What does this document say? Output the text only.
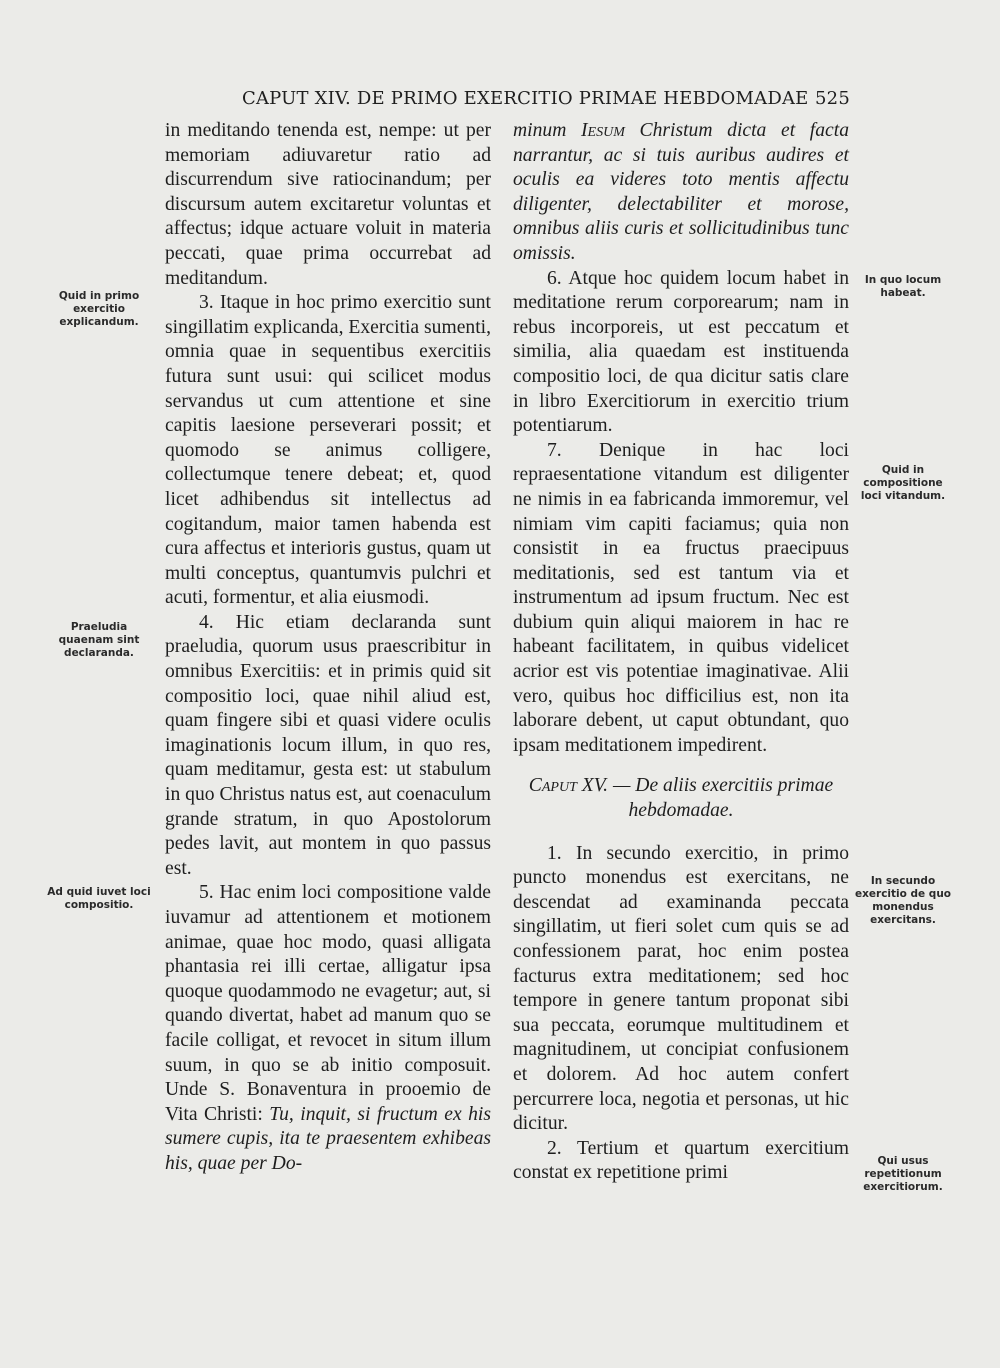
CAPUT XIV. DE PRIMO EXERCITIO PRIMAE HEBDOMADAE 525

in meditando tenenda est, nempe: ut per memoriam adiuvaretur ratio ad discurrendum sive ratiocinandum; per discursum autem excitaretur voluntas et affectus; idque actuare voluit in materia peccati, quae prima occurrebat ad meditandum.

3. Itaque in hoc primo exercitio sunt singillatim explicanda, Exercitia sumenti, omnia quae in sequentibus exercitiis futura sunt usui: qui scilicet modus servandus ut cum attentione et sine capitis laesione perseverari possit; et quomodo se animus colligere, collectumque tenere debeat; et, quod licet adhibendus sit intellectus ad cogitandum, maior tamen habenda est cura affectus et interioris gustus, quam ut multi conceptus, quantumvis pulchri et acuti, formentur, et alia eiusmodi.

4. Hic etiam declaranda sunt praeludia, quorum usus praescribitur in omnibus Exercitiis: et in primis quid sit compositio loci, quae nihil aliud est, quam fingere sibi et quasi videre oculis imaginationis locum illum, in quo res, quam meditamur, gesta est: ut stabulum in quo Christus natus est, aut coenaculum grande stratum, in quo Apostolorum pedes lavit, aut montem in quo passus est.

5. Hac enim loci compositione valde iuvamur ad attentionem et motionem animae, quae hoc modo, quasi alligata phantasia rei illi certae, alligatur ipsa quoque quodammodo ne evagetur; aut, si quando divertat, habet ad manum quo se facile colligat, et revocet in situm illum suum, in quo se ab initio composuit. Unde S. Bonaventura in prooemio de Vita Christi: Tu, inquit, si fructum ex his sumere cupis, ita te praesentem exhibeas his, quae per Do-

minum Iesum Christum dicta et facta narrantur, ac si tuis auribus audires et oculis ea videres toto mentis affectu diligenter, delectabiliter et morose, omnibus aliis curis et sollicitudinibus tunc omissis.

6. Atque hoc quidem locum habet in meditatione rerum corporearum; nam in rebus incorporeis, ut est peccatum et similia, alia quaedam est instituenda compositio loci, de qua dicitur satis clare in libro Exercitiorum in exercitio trium potentiarum.

7. Denique in hac loci repraesentatione vitandum est diligenter ne nimis in ea fabricanda immoremur, vel nimiam vim capiti faciamus; quia non consistit in ea fructus praecipuus meditationis, sed est tantum via et instrumentum ad ipsum fructum. Nec est dubium quin aliqui maiorem in hac re habeant facilitatem, in quibus videlicet acrior est vis potentiae imaginativae. Alii vero, quibus hoc difficilius est, non ita laborare debent, ut caput obtundant, quo ipsam meditationem impedirent.

Caput XV. — De aliis exercitiis primae hebdomadae.

1. In secundo exercitio, in primo puncto monendus est exercitans, ne descendat ad examinanda peccata singillatim, ut fieri solet cum quis se ad confessionem parat, hoc enim postea facturus extra meditationem; sed hoc tempore in genere tantum proponat sibi sua peccata, eorumque multitudinem et magnitudinem, ut concipiat confusionem et dolorem. Ad hoc autem confert percurrere loca, negotia et personas, ut hic dicitur.

2. Tertium et quartum exercitium constat ex repetitione primi

Quid in primo exercitio explicandum.
Praeludia quaenam sint declaranda.
Ad quid iuvet loci compositio.
In quo locum habeat.
Quid in compositione loci vitandum.
In secundo exercitio de quo monendus exercitans.
Qui usus repetitionum exercitiorum.
